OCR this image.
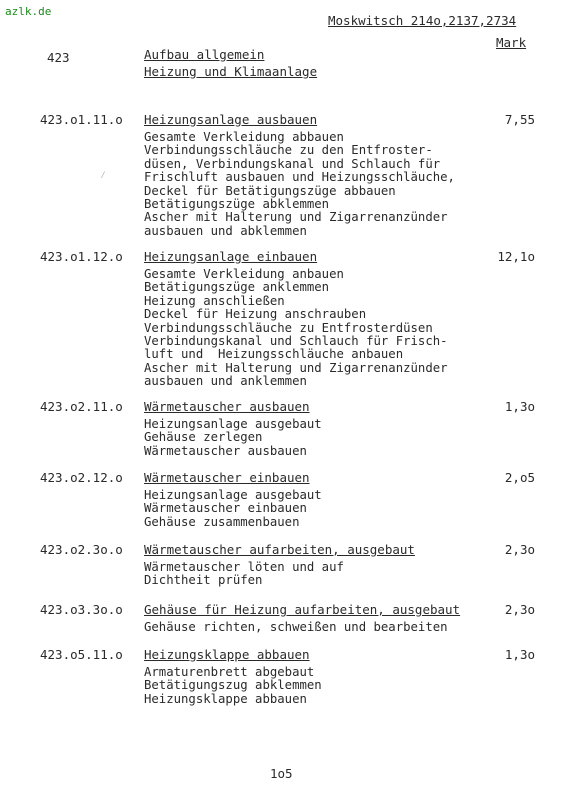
azlk.de
Moskwitsch 214o,2137,2734
Mark
423	Aufbau allgemein
Heizung und Klimaanlage
⁄
423.o1.11.o Heizungsanlage ausbauen	7,55
Gesamte Verkleidung abbauen
Verbindungsschläuche zu den Entfroster-
düsen, Verbindungskanal und Schlauch für
Frischluft ausbauen und Heizungsschläuche,
Deckel für Betätigungszüge abbauen
Betätigungszüge abklemmen
Ascher mit Halterung und Zigarrenanzünder
ausbauen und abklemmen
423.o1.12.o Heizungsanlage einbauen	12,1o
Gesamte Verkleidung anbauen
Betätigungszüge anklemmen
Heizung anschließen
Deckel für Heizung anschrauben
Verbindungsschläuche zu Entfrosterdüsen
Verbindungskanal und Schlauch für Frisch-
luft und  Heizungsschläuche anbauen
Ascher mit Halterung und Zigarrenanzünder
ausbauen und anklemmen
423.o2.11.o Wärmetauscher ausbauen	1,3o
Heizungsanlage ausgebaut
Gehäuse zerlegen
Wärmetauscher ausbauen
423.o2.12.o Wärmetauscher einbauen	2,o5
Heizungsanlage ausgebaut
Wärmetauscher einbauen
Gehäuse zusammenbauen
423.o2.3o.o Wärmetauscher aufarbeiten, ausgebaut	2,3o
Wärmetauscher löten und auf
Dichtheit prüfen
423.o3.3o.o Gehäuse für Heizung aufarbeiten, ausgebaut	2,3o
Gehäuse richten, schweißen und bearbeiten
423.o5.11.o Heizungsklappe abbauen	1,3o
Armaturenbrett abgebaut
Betätigungszug abklemmen
Heizungsklappe abbauen
1o5
